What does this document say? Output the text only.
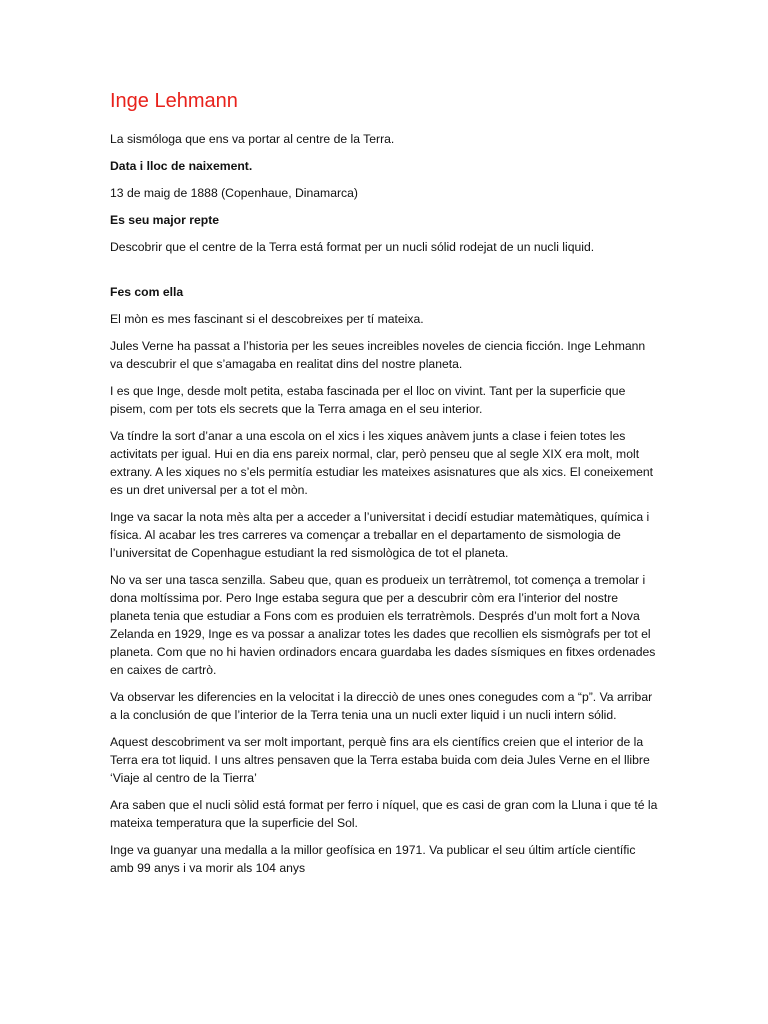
Inge Lehmann

La sismóloga que ens va portar al centre de la Terra.

Data i lloc de naixement.

13 de maig de 1888 (Copenhaue, Dinamarca)

Es seu major repte

Descobrir que el centre de la Terra está format per un nucli sólid rodejat de un nucli liquid.

Fes com ella

El mòn es mes fascinant si el descobreixes per tí mateixa.

Jules Verne ha passat a l’historia per les seues increibles noveles de ciencia ficción. Inge Lehmann va descubrir el que s’amagaba en realitat dins del nostre planeta.

I es que Inge, desde molt petita, estaba fascinada per el lloc on vivint. Tant per la superficie que pisem, com per tots els secrets que la Terra amaga en el seu interior.

Va tíndre la sort d’anar a una escola on el xics i les xiques anàvem junts a clase i feien totes les activitats per igual. Hui en dia ens pareix normal, clar, però penseu que al segle XIX era molt, molt extrany. A les xiques no s’els permitía estudiar les mateixes asisnatures que als xics. El coneixement es un dret universal per a tot el mòn.

Inge va sacar la nota mès alta per a acceder a l’universitat i decidí estudiar matemàtiques, química i física. Al acabar les tres carreres va començar a treballar en el departamento de sismologia de l’universitat de Copenhague estudiant la red sismològica de tot el planeta.

No va ser una tasca senzilla. Sabeu que, quan es produeix un terràtremol, tot comença a tremolar i dona moltíssima por. Pero Inge estaba segura que per a descubrir còm era l’interior del nostre planeta tenia que estudiar a Fons com es produien els terratrèmols. Després d’un molt fort a Nova Zelanda en 1929, Inge es va possar a analizar totes les dades que recollien els sismògrafs per tot el planeta. Com que no hi havien ordinadors encara guardaba les dades sísmiques en fitxes ordenades en caixes de cartrò.

Va observar les diferencies en la velocitat i la direcciò de unes ones conegudes com a “p”. Va arribar a la conclusión de que l’interior de la Terra tenia una un nucli exter liquid i un nucli intern sólid.

Aquest descobriment va ser molt important, perquè fins ara els científics creien que el interior de la Terra era tot liquid. I uns altres pensaven que la Terra estaba buida com deia Jules Verne en el llibre ‘Viaje al centro de la Tierra’

Ara saben que el nucli sòlid está format per ferro i níquel, que es casi de gran com la Lluna i que té la mateixa temperatura que la superficie del Sol.

Inge va guanyar una medalla a la millor geofísica en 1971. Va publicar el seu últim artícle científic amb 99 anys i va morir als 104 anys
